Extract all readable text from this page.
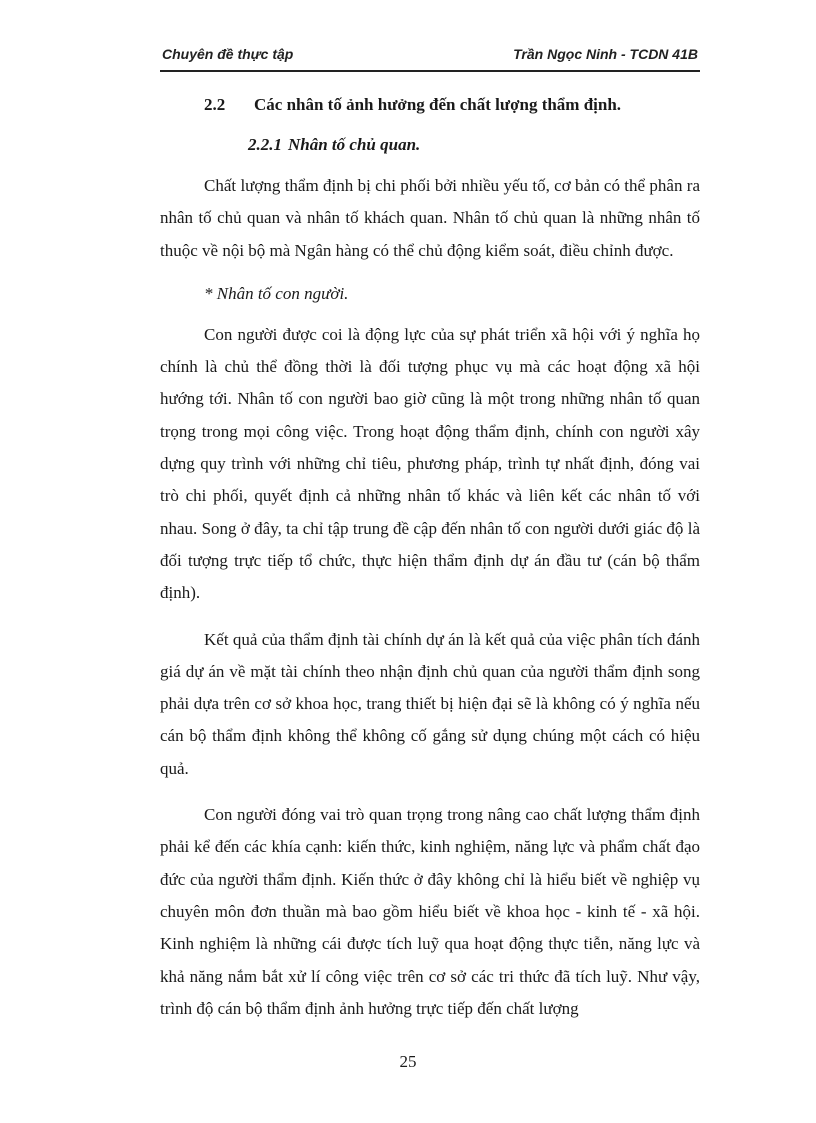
Chuyên đề thực tập	Trần Ngọc Ninh - TCDN 41B
2.2 Các nhân tố ảnh hưởng đến chất lượng thẩm định.
2.2.1 Nhân tố chủ quan.

Chất lượng thẩm định bị chi phối bởi nhiều yếu tố, cơ bản có thể phân ra nhân tố chủ quan và nhân tố khách quan. Nhân tố chủ quan là những nhân tố thuộc về nội bộ mà Ngân hàng có thể chủ động kiểm soát, điều chỉnh được.

* Nhân tố con người.

Con người được coi là động lực của sự phát triển xã hội với ý nghĩa họ chính là chủ thể đồng thời là đối tượng phục vụ mà các hoạt động xã hội hướng tới. Nhân tố con người bao giờ cũng là một trong những nhân tố quan trọng trong mọi công việc. Trong hoạt động thẩm định, chính con người xây dựng quy trình với những chỉ tiêu, phương pháp, trình tự nhất định, đóng vai trò chi phối, quyết định cả những nhân tố khác và liên kết các nhân tố với nhau. Song ở đây, ta chỉ tập trung đề cập đến nhân tố con người dưới giác độ là đối tượng trực tiếp tổ chức, thực hiện thẩm định dự án đầu tư (cán bộ thẩm định).

Kết quả của thẩm định tài chính dự án là kết quả của việc phân tích đánh giá dự án về mặt tài chính theo nhận định chủ quan của người thẩm định song phải dựa trên cơ sở khoa học, trang thiết bị hiện đại sẽ là không có ý nghĩa nếu cán bộ thẩm định không thể không cố gắng sử dụng chúng một cách có hiệu quả.

Con người đóng vai trò quan trọng trong nâng cao chất lượng thẩm định phải kể đến các khía cạnh: kiến thức, kinh nghiệm, năng lực và phẩm chất đạo đức của người thẩm định. Kiến thức ở đây không chỉ là hiểu biết về nghiệp vụ chuyên môn đơn thuần mà bao gồm hiểu biết về khoa học - kinh tế - xã hội. Kinh nghiệm là những cái được tích luỹ qua hoạt động thực tiễn, năng lực và khả năng nắm bắt xử lí công việc trên cơ sở các tri thức đã tích luỹ. Như vậy, trình độ cán bộ thẩm định ảnh hưởng trực tiếp đến chất lượng

25
